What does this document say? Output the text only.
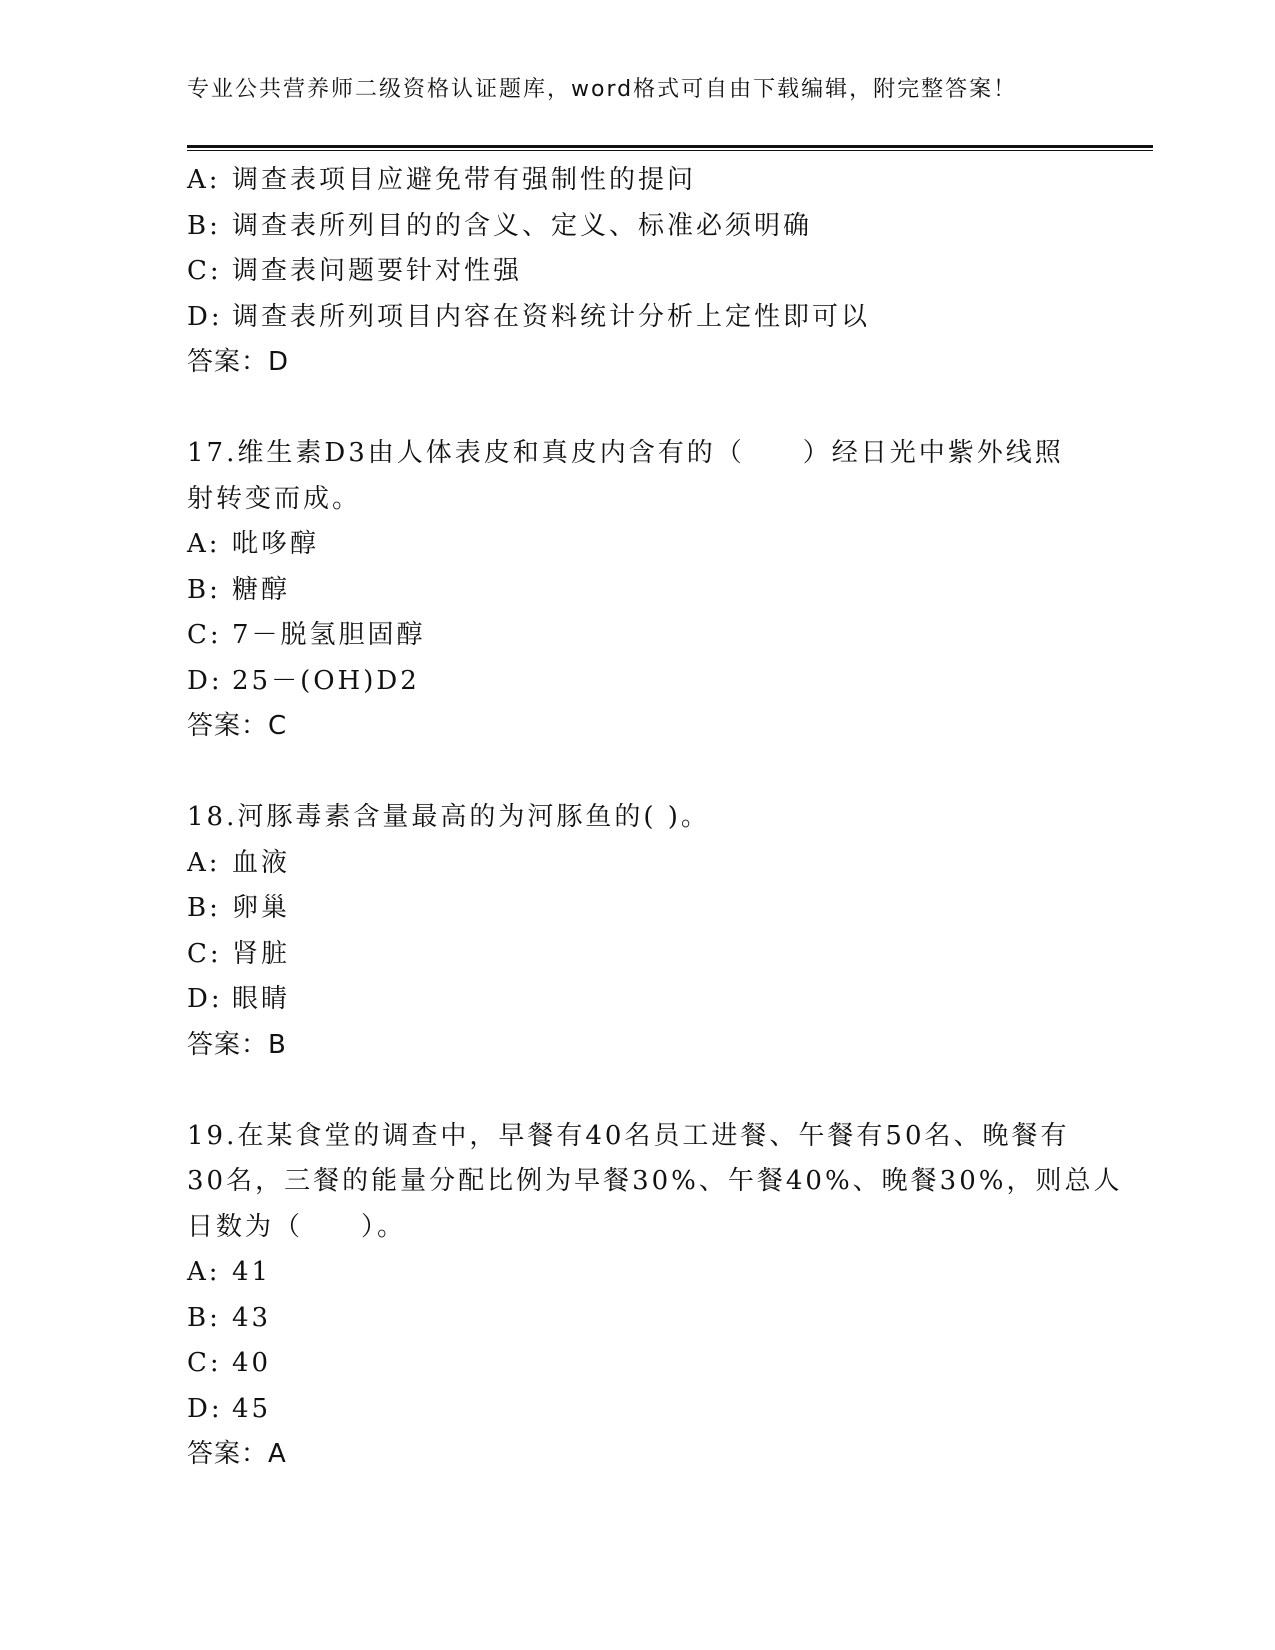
专业公共营养师二级资格认证题库，word格式可自由下载编辑，附完整答案！
A: 调查表项目应避免带有强制性的提问
B: 调查表所列目的的含义、定义、标准必须明确
C: 调查表问题要针对性强
D: 调查表所列项目内容在资料统计分析上定性即可以
答案：D
17.维生素D3由人体表皮和真皮内含有的（　　）经日光中紫外线照
射转变而成。
A: 吡哆醇
B: 糖醇
C: 7－脱氢胆固醇
D: 25－(OH)D2
答案：C
18.河豚毒素含量最高的为河豚鱼的( )。
A: 血液
B: 卵巢
C: 肾脏
D: 眼睛
答案：B
19.在某食堂的调查中，早餐有40名员工进餐、午餐有50名、晚餐有
30名，三餐的能量分配比例为早餐30%、午餐40%、晚餐30%，则总人
日数为（　　）。
A: 41
B: 43
C: 40
D: 45
答案：A
